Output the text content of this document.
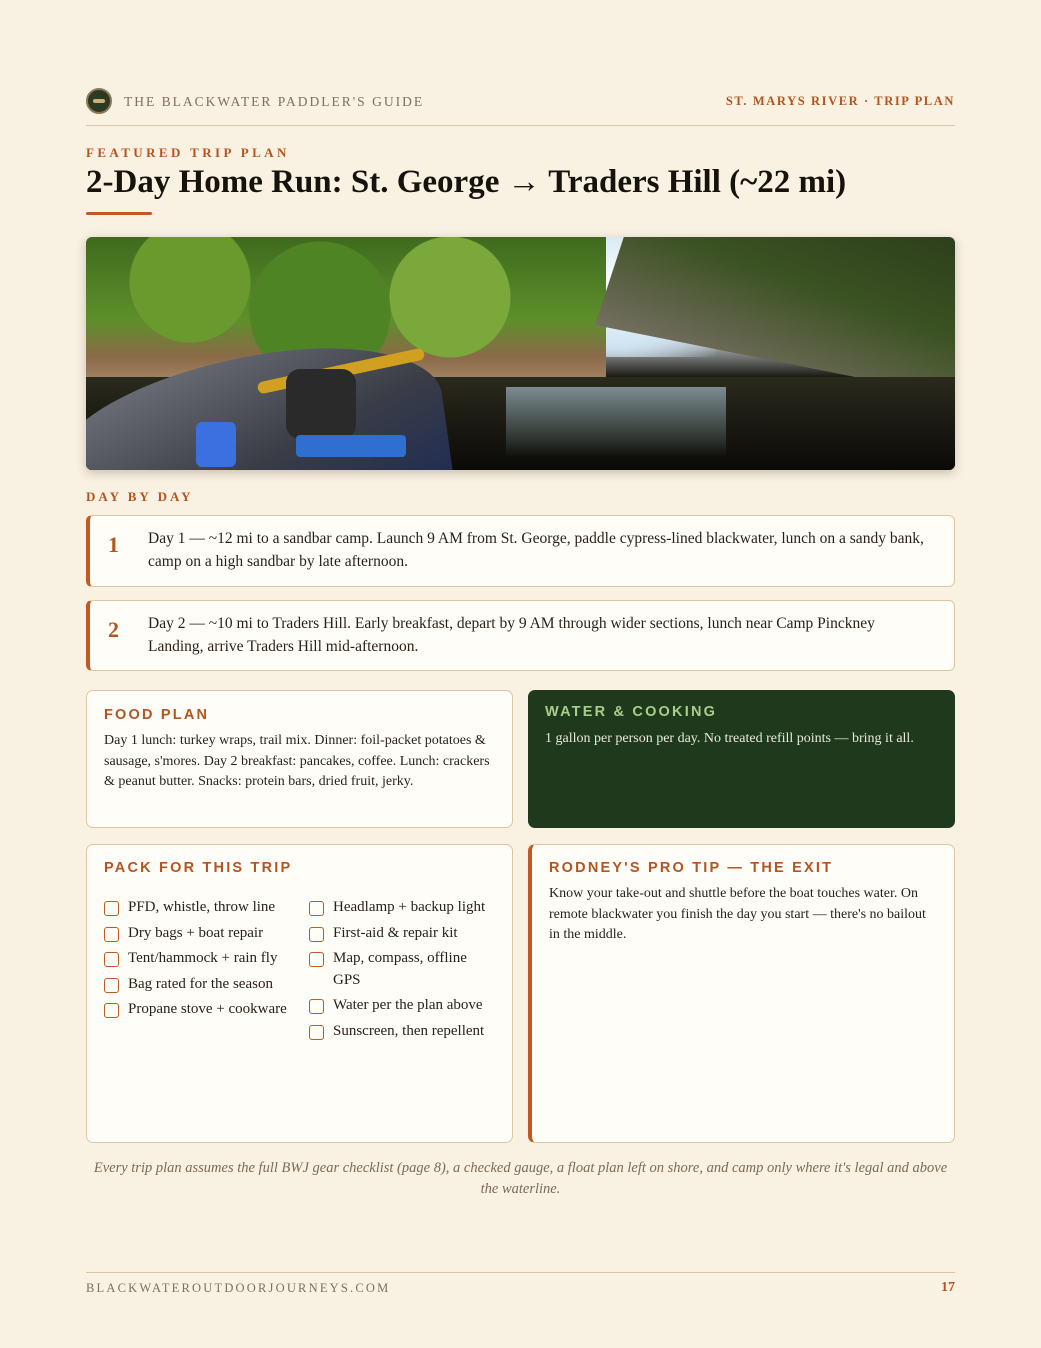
THE BLACKWATER PADDLER'S GUIDE	ST. MARYS RIVER · TRIP PLAN
FEATURED TRIP PLAN
2-Day Home Run: St. George → Traders Hill (~22 mi)
DAY BY DAY
1 Day 1 — ~12 mi to a sandbar camp. Launch 9 AM from St. George, paddle cypress-lined blackwater, lunch on a sandy bank, camp on a high sandbar by late afternoon.
2 Day 2 — ~10 mi to Traders Hill. Early breakfast, depart by 9 AM through wider sections, lunch near Camp Pinckney Landing, arrive Traders Hill mid-afternoon.
FOOD PLAN
Day 1 lunch: turkey wraps, trail mix. Dinner: foil-packet potatoes & sausage, s'mores. Day 2 breakfast: pancakes, coffee. Lunch: crackers & peanut butter. Snacks: protein bars, dried fruit, jerky.
WATER & COOKING
1 gallon per person per day. No treated refill points — bring it all.
PACK FOR THIS TRIP
PFD, whistle, throw line
Dry bags + boat repair
Tent/hammock + rain fly
Bag rated for the season
Propane stove + cookware
Headlamp + backup light
First-aid & repair kit
Map, compass, offline GPS
Water per the plan above
Sunscreen, then repellent
RODNEY'S PRO TIP — THE EXIT
Know your take-out and shuttle before the boat touches water. On remote blackwater you finish the day you start — there's no bailout in the middle.
Every trip plan assumes the full BWJ gear checklist (page 8), a checked gauge, a float plan left on shore, and camp only where it's legal and above the waterline.
BLACKWATEROUTDOORJOURNEYS.COM	17
